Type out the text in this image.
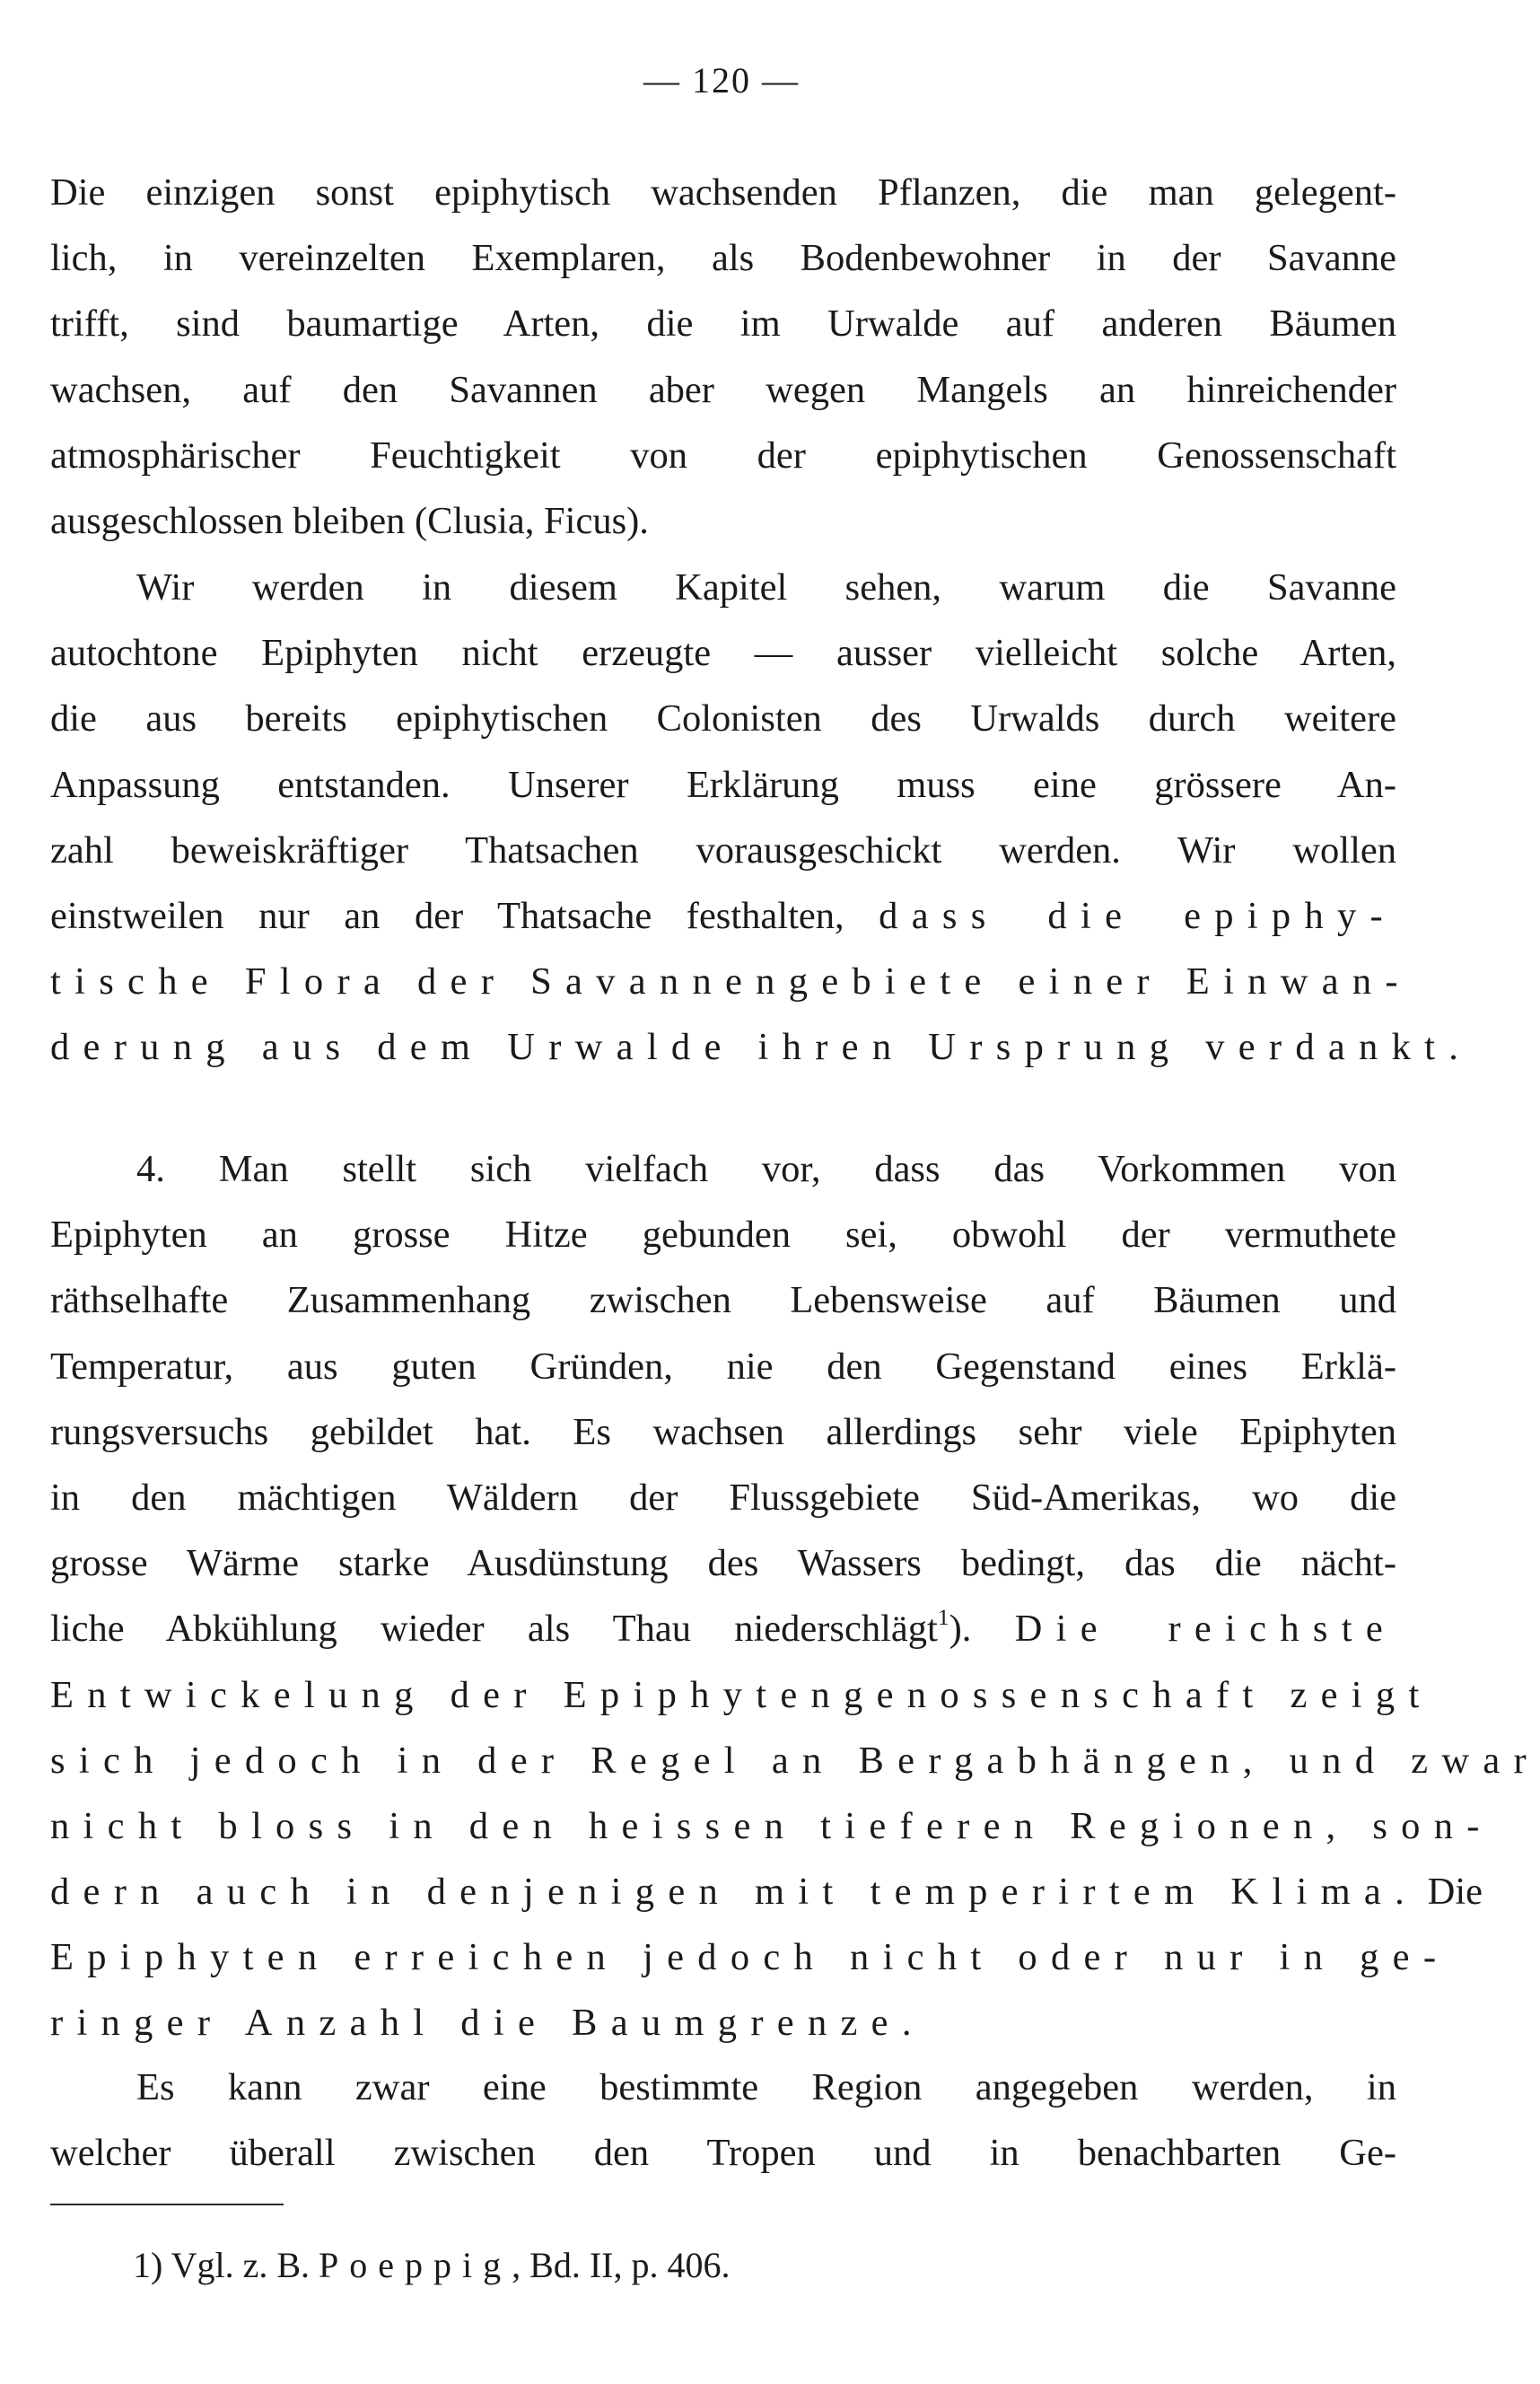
— 120 —
Die einzigen sonst epiphytisch wachsenden Pflanzen, die man gelegent-
lich, in vereinzelten Exemplaren, als Bodenbewohner in der Savanne
trifft, sind baumartige Arten, die im Urwalde auf anderen Bäumen
wachsen, auf den Savannen aber wegen Mangels an hinreichender
atmosphärischer Feuchtigkeit von der epiphytischen Genossenschaft
ausgeschlossen bleiben (Clusia, Ficus).
Wir werden in diesem Kapitel sehen, warum die Savanne
autochtone Epiphyten nicht erzeugte — ausser vielleicht solche Arten,
die aus bereits epiphytischen Colonisten des Urwalds durch weitere
Anpassung entstanden. Unserer Erklärung muss eine grössere An-
zahl beweiskräftiger Thatsachen vorausgeschickt werden. Wir wollen
einstweilen nur an der Thatsache festhalten, dass die epiphy-
tische Flora der Savannengebiete einer Einwan-
derung aus dem Urwalde ihren Ursprung verdankt.
4. Man stellt sich vielfach vor, dass das Vorkommen von
Epiphyten an grosse Hitze gebunden sei, obwohl der vermuthete
räthselhafte Zusammenhang zwischen Lebensweise auf Bäumen und
Temperatur, aus guten Gründen, nie den Gegenstand eines Erklä-
rungsversuchs gebildet hat. Es wachsen allerdings sehr viele Epiphyten
in den mächtigen Wäldern der Flussgebiete Süd-Amerikas, wo die
grosse Wärme starke Ausdünstung des Wassers bedingt, das die nächt-
liche Abkühlung wieder als Thau niederschlägt$^1$). Die reichste
Entwickelung der Epiphytengenossenschaft zeigt
sich jedoch in der Regel an Bergabhängen, und zwar
nicht bloss in den heissen tieferen Regionen, son-
dern auch in denjenigen mit temperirtem Klima. Die
Epiphyten erreichen jedoch nicht oder nur in ge-
ringer Anzahl die Baumgrenze.
Es kann zwar eine bestimmte Region angegeben werden, in
welcher überall zwischen den Tropen und in benachbarten Ge-
1) Vgl. z. B. Poeppig, Bd. II, p. 406.
